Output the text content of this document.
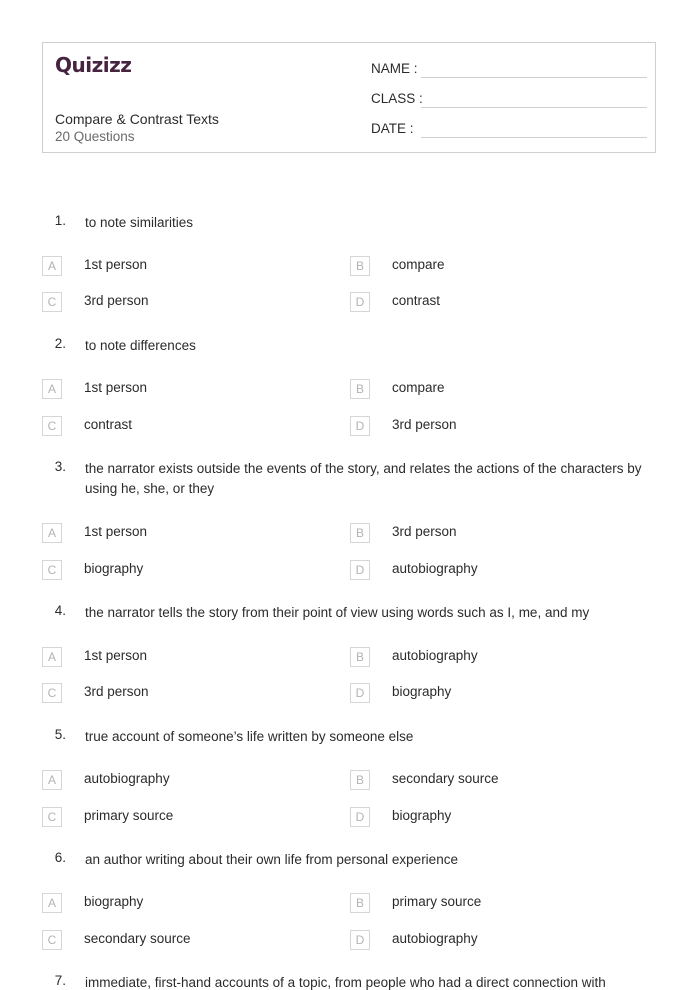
Quizizz
Compare & Contrast Texts
20 Questions
NAME :
CLASS :
DATE :
1. to note similarities
A	1st person	B	compare
C	3rd person	D	contrast
2. to note differences
A	1st person	B	compare
C	contrast	D	3rd person
3. the narrator exists outside the events of the story, and relates the actions of the characters by using he, she, or they
A	1st person	B	3rd person
C	biography	D	autobiography
4. the narrator tells the story from their point of view using words such as I, me, and my
A	1st person	B	autobiography
C	3rd person	D	biography
5. true account of someone’s life written by someone else
A	autobiography	B	secondary source
C	primary source	D	biography
6. an author writing about their own life from personal experience
A	biography	B	primary source
C	secondary source	D	autobiography
7. immediate, first-hand accounts of a topic, from people who had a direct connection with
